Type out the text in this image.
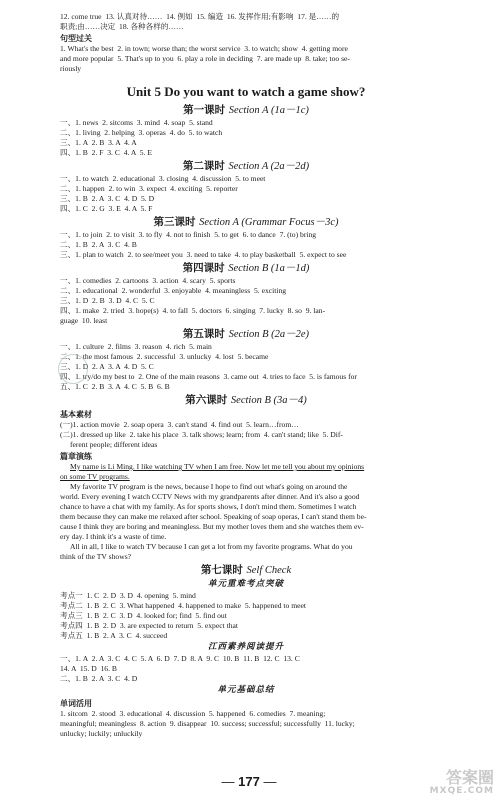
12. come true  13. 认真对待……  14. 例如  15. 编造  16. 发挥作用;有影响  17. 是……的
职责;由……决定  18. 各种各样的……
句型过关
1. What's the best  2. in town; worse than; the worst service  3. to watch; show  4. getting more
and more popular  5. That's up to you  6. play a role in deciding  7. are made up  8. take; too se-
riously
Unit 5 Do you want to watch a game show?
第一课时 Section A (1a－1c)
一、1. news  2. sitcoms  3. mind  4. soap  5. stand
二、1. living  2. helping  3. operas  4. do  5. to watch
三、1. A  2. B  3. A  4. A
四、1. B  2. F  3. C  4. A  5. E
第二课时 Section A (2a－2d)
一、1. to watch  2. educational  3. closing  4. discussion  5. to meet
二、1. happen  2. to win  3. expect  4. exciting  5. reporter
三、1. B  2. A  3. C  4. D  5. D
四、1. C  2. G  3. E  4. A  5. F
第三课时 Section A (Grammar Focus－3c)
一、1. to join  2. to visit  3. to fly  4. not to finish  5. to get  6. to dance  7. (to) bring
二、1. B  2. A  3. C  4. B
三、1. plan to watch  2. to see/meet you  3. need to take  4. to play basketball  5. expect to see
第四课时 Section B (1a－1d)
一、1. comedies  2. cartoons  3. action  4. scary  5. sports
二、1. educational  2. wonderful  3. enjoyable  4. meaningless  5. exciting
三、1. D  2. B  3. D  4. C  5. C
四、1. make  2. tried  3. hope(s)  4. to fall  5. doctors  6. singing  7. lucky  8. so  9. lan-
guage  10. least
第五课时 Section B (2a－2e)
一、1. culture  2. films  3. reason  4. rich  5. main
二、1. the most famous  2. successful  3. unlucky  4. lost  5. became
三、1. D  2. A  3. A  4. D  5. C
四、1. try/do my best to  2. One of the main reasons  3. came out  4. tries to face  5. is famous for
五、1. C  2. B  3. A  4. C  5. B  6. B
第六课时 Section B (3a－4)
基本素材
(一)1. action movie  2. soap opera  3. can't stand  4. find out  5. learn…from…
(二)1. dressed up like  2. take his place  3. talk shows; learn; from  4. can't stand; like  5. Dif-
ferent people; different ideas
篇章演练
My name is Li Ming. I like watching TV when I am free. Now let me tell you about my opinions
on some TV programs.
My favorite TV program is the news, because I hope to find out what's going on around the
world. Every evening I watch CCTV News with my grandparents after dinner. And it's also a good
chance to have a chat with my family. As for sports shows, I don't mind them. Sometimes I watch
them because they can make me relaxed after school. Speaking of soap operas, I can't stand them be-
cause I think they are boring and meaningless. But my mother loves them and she watches them ev-
ery day. I think it's a waste of time.
All in all, I like to watch TV because I can get a lot from my favorite programs. What do you
think of the TV shows?
第七课时 Self Check
单元重难考点突破
考点一  1. C  2. D  3. D  4. opening  5. mind
考点二  1. B  2. C  3. What happened  4. happened to make  5. happened to meet
考点三  1. B  2. C  3. D  4. looked for; find  5. find out
考点四  1. B  2. D  3. are expected to return  5. expect that
考点五  1. B  2. A  3. C  4. succeed
江西素养阅读提升
一、1. A  2. A  3. C  4. C  5. A  6. D  7. D  8. A  9. C  10. B  11. B  12. C  13. C
14. A  15. D  16. B
二、1. B  2. A  3. C  4. D
单元基础总结
单词活用
1. sitcom  2. stood  3. educational  4. discussion  5. happened  6. comedies  7. meaning;
meaningful; meaningless  8. action  9. disappear  10. success; successful; successfully  11. lucky;
unlucky; luckily; unluckily
— 177 —	答案圈
MXQE.COM
